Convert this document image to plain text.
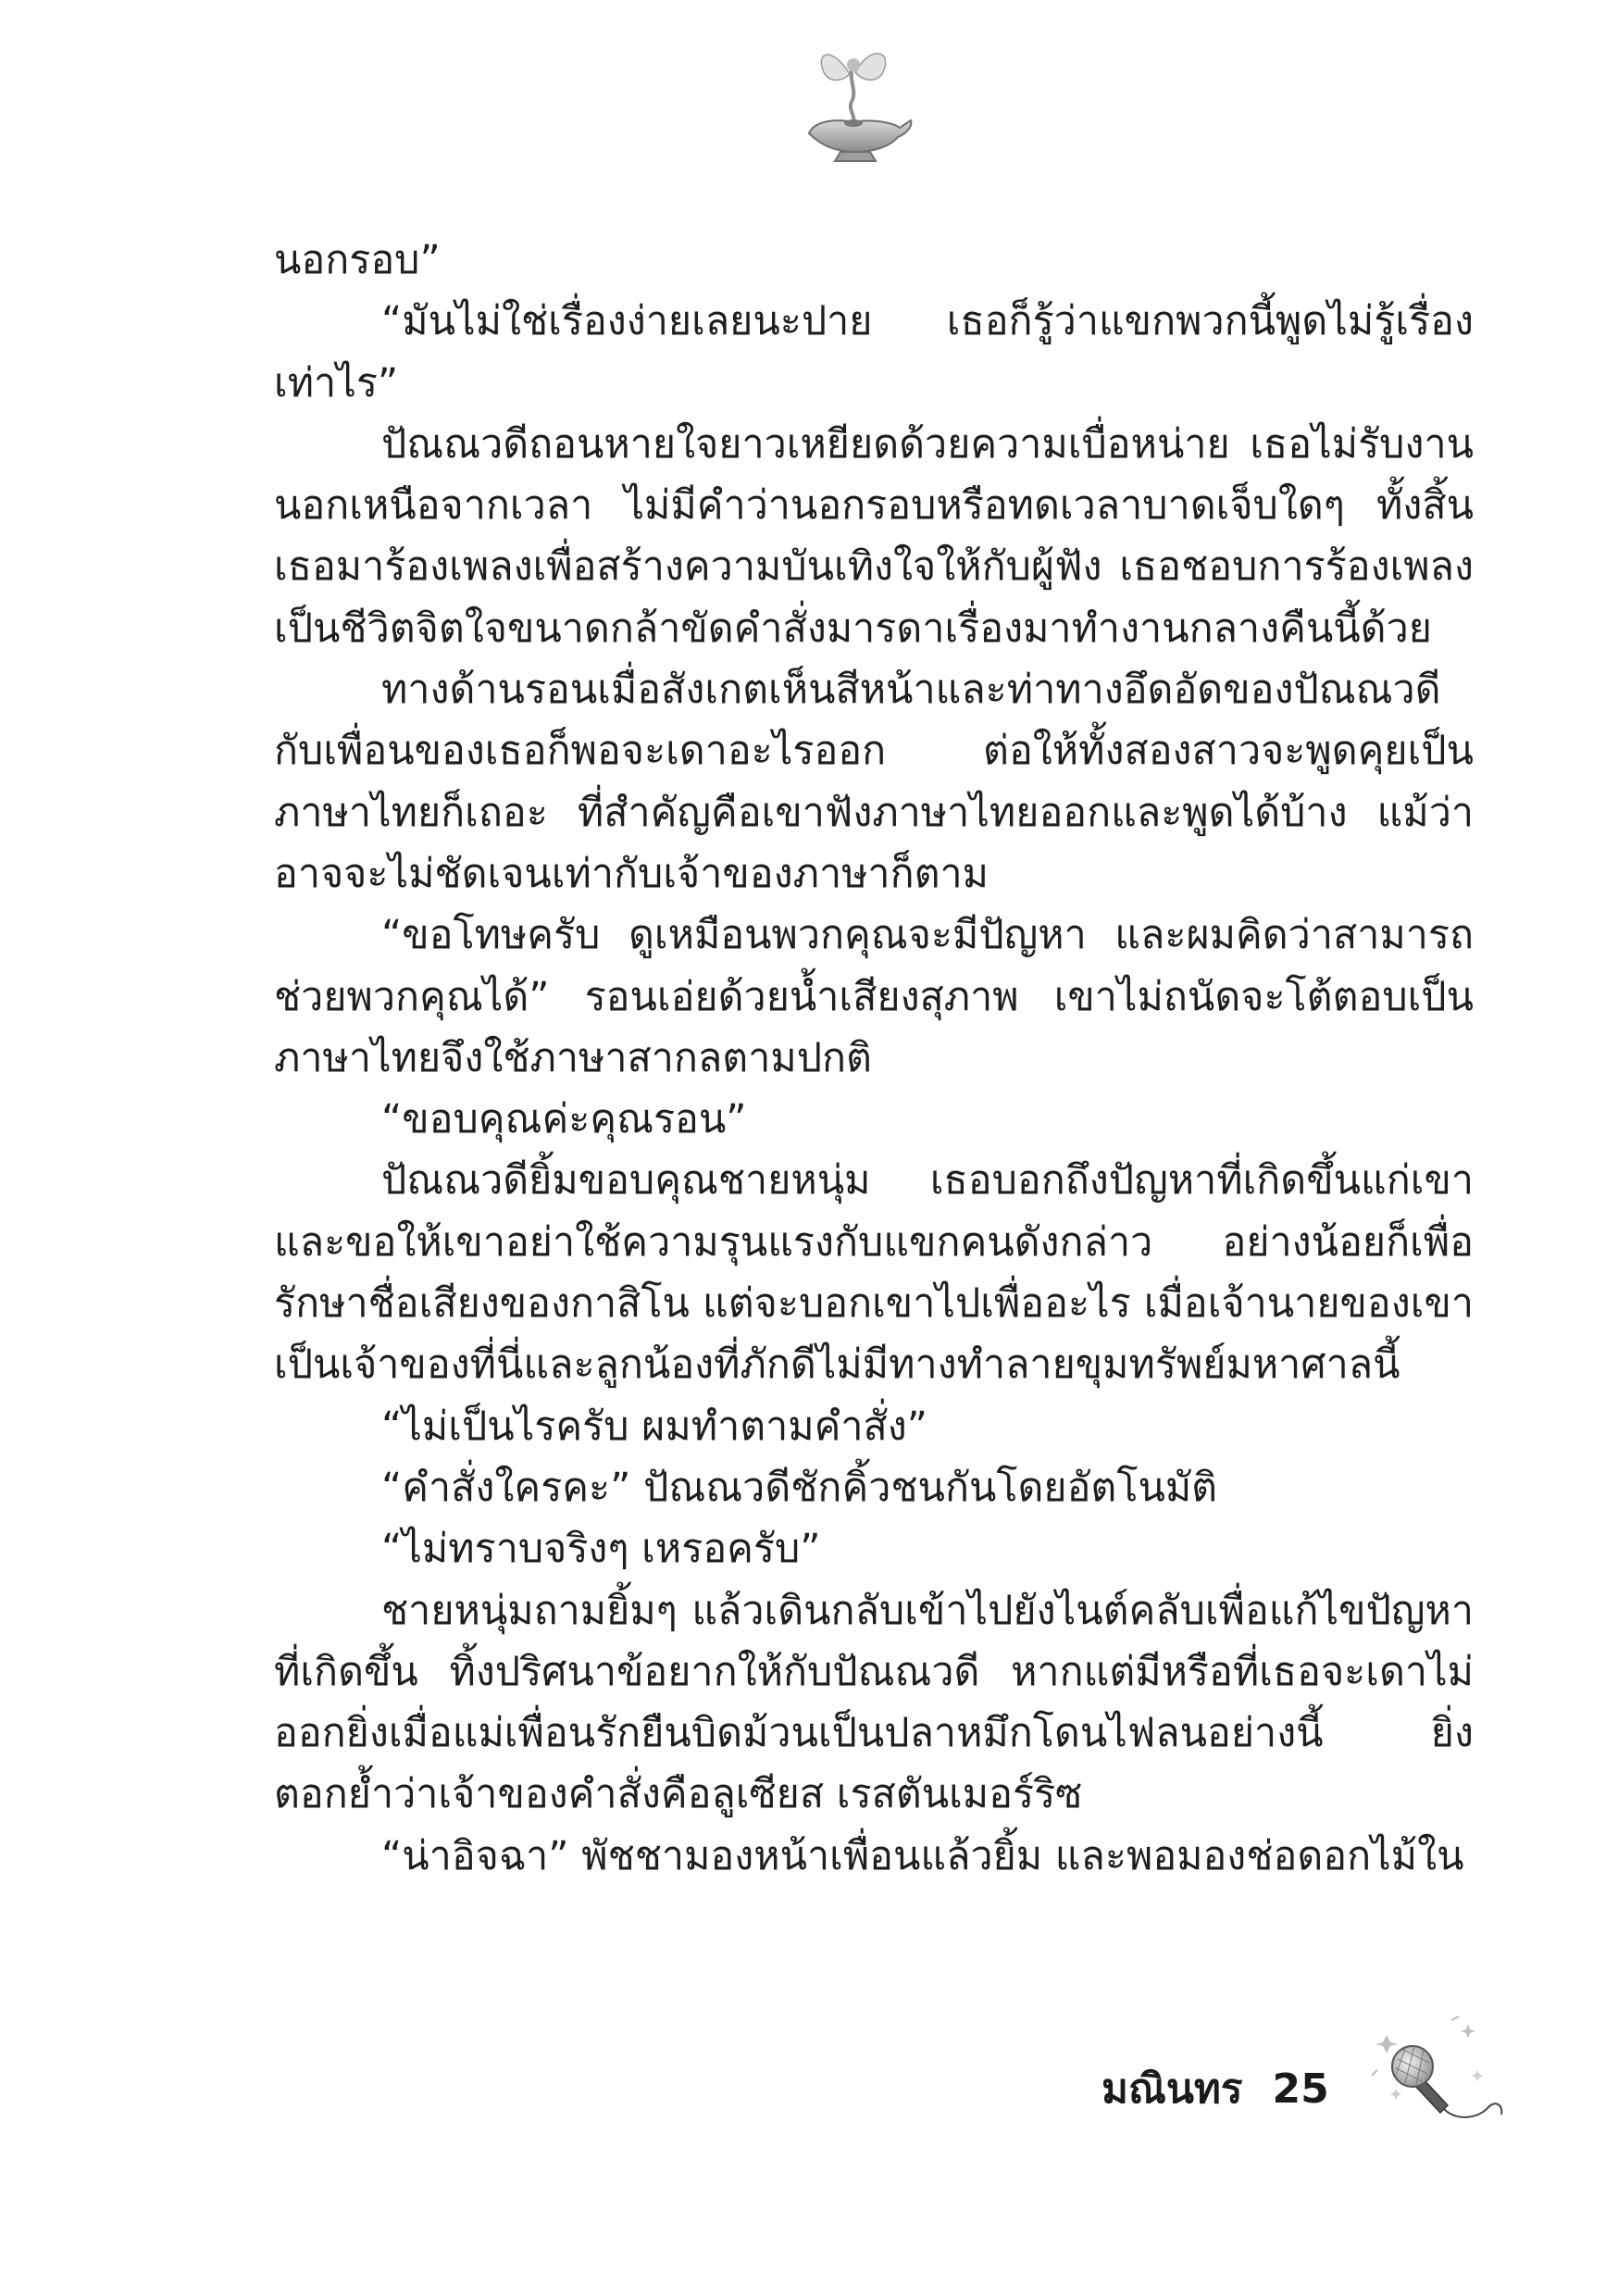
นอกรอบ”

“มันไม่ใช่เรื่องง่ายเลยนะปาย เธอก็รู้ว่าแขกพวกนี้พูดไม่รู้เรื่องเท่าไร”

ปัณณวดีถอนหายใจยาวเหยียดด้วยความเบื่อหน่าย เธอไม่รับงานนอกเหนือจากเวลา ไม่มีคำว่านอกรอบหรือทดเวลาบาดเจ็บใดๆ ทั้งสิ้น เธอมาร้องเพลงเพื่อสร้างความบันเทิงใจให้กับผู้ฟัง เธอชอบการร้องเพลงเป็นชีวิตจิตใจขนาดกล้าขัดคำสั่งมารดาเรื่องมาทำงานกลางคืนนี้ด้วย

ทางด้านรอนเมื่อสังเกตเห็นสีหน้าและท่าทางอึดอัดของปัณณวดีกับเพื่อนของเธอก็พอจะเดาอะไรออก ต่อให้ทั้งสองสาวจะพูดคุยเป็นภาษาไทยก็เถอะ ที่สำคัญคือเขาฟังภาษาไทยออกและพูดได้บ้าง แม้ว่าอาจจะไม่ชัดเจนเท่ากับเจ้าของภาษาก็ตาม

“ขอโทษครับ ดูเหมือนพวกคุณจะมีปัญหา และผมคิดว่าสามารถช่วยพวกคุณได้” รอนเอ่ยด้วยน้ำเสียงสุภาพ เขาไม่ถนัดจะโต้ตอบเป็นภาษาไทยจึงใช้ภาษาสากลตามปกติ

“ขอบคุณค่ะคุณรอน”

ปัณณวดียิ้มขอบคุณชายหนุ่ม เธอบอกถึงปัญหาที่เกิดขึ้นแก่เขาและขอให้เขาอย่าใช้ความรุนแรงกับแขกคนดังกล่าว อย่างน้อยก็เพื่อรักษาชื่อเสียงของกาสิโน แต่จะบอกเขาไปเพื่ออะไร เมื่อเจ้านายของเขาเป็นเจ้าของที่นี่และลูกน้องที่ภักดีไม่มีทางทำลายขุมทรัพย์มหาศาลนี้

“ไม่เป็นไรครับ ผมทำตามคำสั่ง”

“คำสั่งใครคะ” ปัณณวดีชักคิ้วชนกันโดยอัตโนมัติ

“ไม่ทราบจริงๆ เหรอครับ”

ชายหนุ่มถามยิ้มๆ แล้วเดินกลับเข้าไปยังไนต์คลับเพื่อแก้ไขปัญหาที่เกิดขึ้น ทิ้งปริศนาข้อยากให้กับปัณณวดี หากแต่มีหรือที่เธอจะเดาไม่ออกยิ่งเมื่อแม่เพื่อนรักยืนบิดม้วนเป็นปลาหมึกโดนไฟลนอย่างนี้ ยิ่งตอกย้ำว่าเจ้าของคำสั่งคือลูเซียส เรสตันเมอร์ริซ

“น่าอิจฉา” พัชชามองหน้าเพื่อนแล้วยิ้ม และพอมองช่อดอกไม้ใน

มณินทร 25
